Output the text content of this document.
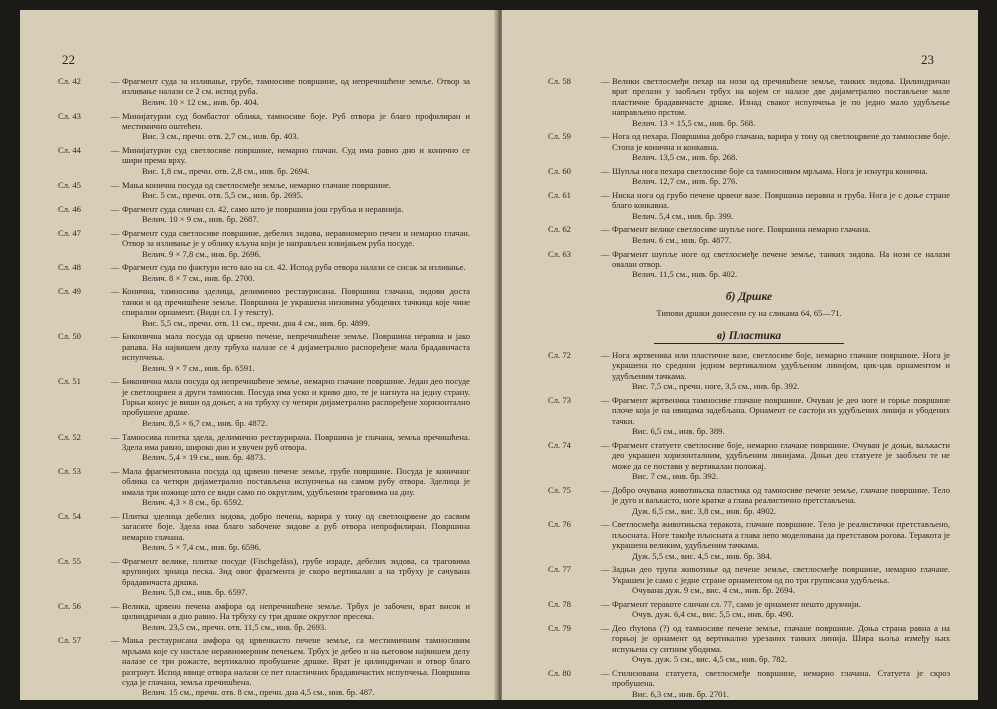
22
Сл. 42	— Фрагмент суда за изливање, грубе, тамносиве површине, од непречишћене земље. Отвор за изливање налази се 2 см. испод руба.
Велич. 10 × 12 см., инв. бр. 404.
Сл. 43	— Минијатурни суд бомбастог облика, тамносиве боје. Руб отвора је благо профилиран и местимично оштећен.
Вис. 3 см., пречн. отв. 2,7 см., инв. бр. 403.
Сл. 44	— Минијатурни суд светлосиве површине, немарно глачан. Суд има равно дно и коничнo се шири према врху.
Вис. 1,8 см., пречн. отв. 2,8 см., инв. бр. 2694.
Сл. 45	— Мања конична посуда од светлосмеђе земље, немарно глачане површине.
Вис. 5 см., пречн. отв. 5,5 см., инв. бр. 2695.
Сл. 46	— Фрагмент суда сличан сл. 42, само што је површина још грубља и неравнија.
Велич. 10 × 9 см., инв. бр. 2687.
Сл. 47	— Фрагмент суда светлосиве површине, дебелих зидова, неравномерно печен и немарно глачан. Отвор за изливање је у облику кљуна који је направљен извијањем руба посуде.
Велич. 9 × 7,8 см., инв. бр. 2696.
Сл. 48	— Фрагмент суда по фактури исто као на сл. 42. Испод руба отвора налази се сисак за изливање.
Велич. 8 × 7 см., инв. бр. 2700.
Сл. 49	— Конична, тамносива зделица, делимично рестаурисана. Површина глачана, зидови доста танки и од пречишћене земље. Површина је украшена низовима убодених тачкица које чине спирални орнамент. (Види сл. I у тексту).
Вис. 5,5 см., пречн. отв. 11 см., пречн. дна 4 см., инв. бр. 4899.
Сл. 50	— Биконична мала посуда од црвено печене, непречишћене земље. Површина неравна и јако рапава. На највишем делу трбуха налазе се 4 дијаметрално распоређене мала брадавичаста испупчења.
Велич. 9 × 7 см., инв. бр. 6591.
Сл. 51	— Биконична мала посуда од непречишћене земље, немарно глачане површине. Један део посуде је светлоцрвен а други тамносив. Посуда има уско и криво дно, те је нагнута на једну страну. Горњи конус је виши од доњег, а на трбуху су четири дијаметрално распоређене хоризонтално пробушене дршке.
Велич. 8,5 × 6,7 см., инв. бр. 4872.
Сл. 52	— Тамносива плитка здела, делимично рестаурирана. Површина је глачана, земља пречишћена. Здела има равно, широко дно и увучен руб отвора.
Велич. 5,4 × 19 см., инв. бр. 4873.
Сл. 53	— Мала фрагментована посуда од црвено печене земље, грубе површине. Посуда је коничног облика са четири дијаметрално постављена испупчења на самом рубу отвора. Зделица је имала три ножице што се види само по округлим, удубљеним траговима на дну.
Велич. 4,3 × 8 см., бр. 6592.
Сл. 54	— Плитка зделица дебелих зидова, добро печена, варира у тону од светлоцрвене до сасвим загасите боје. Здела има благо забочене зидове а руб отвора непрофилиран. Површина немарно глачана.
Велич. 5 × 7,4 см., инв. бр. 6596.
Сл. 55	— Фрагмент велике, плитке посуде (Fischgefäss), грубе израде, дебелих зидова, са траговима крупнијих зрнаца песка. Зид овог фрагмента је скоро вертикалан а на трбуху је сачувана брадавичаста дршка.
Велич. 5,8 см., инв. бр. 6597.
Сл. 56	— Велика, црвено печена амфора од непречишћене земље. Трбух је забочен, врат висок и цилиндричан а дно равно. На трбуху су три дршке округлог пресека.
Велич. 23,5 см., пречн. отв. 11,5 см., инв. бр. 2693.
Сл. 57	— Мања рестаурисана амфора од црвенкасто печене земље, са местимичним тамносивим мрљама које су настале неравномерним печењем. Трбух је дебео и на његовом највишем делу налазе се три рожасте, вертикално пробушене дршке. Врат је цилиндричан и отвор благо разгрнут. Испод ивице отвора налази се пет пластичних брадавичастих испупчења. Површина суда је глачана, земља пречишћена.
Велич. 15 см., пречн. отв. 8 см., пречн. дна 4,5 см., инв. бр. 487.
23
Сл. 58	— Велики светлосмеђи пехар на нози од пречишћене земље, танких зидова. Цилиндричан врат прелази у заобљен трбух на којем се налазе две дијаметрално постављене мале пластичне брадавичасте дршке. Изнад сваког испупчења је по једно мало удубљење направљено прстом.
Велич. 13 × 15,5 см., инв. бр. 568.
Сл. 59	— Нога од пехара. Површина добро глачана, варира у тону од светлоцрвене до тамносиве боје. Стопа је конична и конкавна.
Велич. 13,5 см., инв. бр. 268.
Сл. 60	— Шупља нога пехара светлосиве боје са тамносивим мрљама. Нога је изнутра конична.
Велич. 12,7 см., инв. бр. 276.
Сл. 61	— Ниска нога од грубо печене црвене вазе. Површина неравна и груба. Нога је с доње стране благо конкавна.
Велич. 5,4 см., инв. бр. 399.
Сл. 62	— Фрагмент велике светлосиве шупље ноге. Површина немарно глачана.
Велич. 6 см., инв. бр. 4877.
Сл. 63	— Фрагмент шупље ноге од светлосмеђе печене земље, танких зидова. На нози се налази овалан отвор.
Велич. 11,5 см., инв. бр. 402.
б) Дршке
Типови дршки донесени су на сликама 64, 65—71.
в) Пластика
Сл. 72	— Ногa жртвеника или пластичне вазе, светлосиве боје, немарно глачане површине. Нога је украшена по средини једном вертикалном удубљеном линијом, цик-цак орнаментом и удубљеним тачкама.
Вис. 7,5 см., пречн. ноге, 3,5 см., инв. бр. 392.
Сл. 73	— Фрагмент жртвеника тамносиве глачане површине. Очуван је део ноге и горње површине плоче која је на ивицама задебљана. Орнамент се састоји из удубљених линија и убодених тачки.
Вис. 6,5 см., инв. бр. 389.
Сл. 74	— Фрагмент статуете светлосиве боје, немарно глачане површине. Очуван је доњи, ваљкасти део украшен хоризонталним, удубљеним линијама. Доњи део статуете је заобљен те не може да се постави у вертикалан положај.
Вис. 7 см., инв. бр. 392.
Сл. 75	— Добро очувана животињска пластика од тамносиве печене земље, глачане површине. Тело је дуго и ваљкасто, ноге кратке а глава реалистично претстављена.
Дуж. 6,5 см., вис. 3,8 см., инв. бр. 4902.
Сл. 76	— Светлосмеђа животињска теракота, глачане површине. Тело је реалистички претстављено, пљосната. Ноге такође пљосната а глава лепо моделована да претставом рогова. Теракота је украшена великим, удубљеним тачкама.
Дуж. 5,5 см., вис. 4,5 см., инв. бр. 384.
Сл. 77	— Задњи део трупа животиње од печене земље, светлосмеђе површине, немарно глачане. Украшен је само с једне стране орнаментом од по три груписана удубљења.
Очувана дуж. 9 см., вис. 4 см., инв. бр. 2694.
Сл. 78	— Фрагмент теракоте сличан сл. 77, само је орнамент нешто друкчији.
Очув. дуж. 6,4 см., вис. 5,5 см., инв. бр. 490.
Сл. 79	— Део rhytona (?) од тамносиве печене земље, глачане површине. Доња страна равна а на горњој је орнамент од вертикално урезаних танких линија. Шира њоља између њих испуњена су ситним убодима.
Очув. дуж. 5 см., вис. 4,5 см., инв. бр. 782.
Сл. 80	— Стилизована статуета, светлосмеђе површине, немарно глачана. Статуета је скроз пробушена.
Вис. 6,3 см., инв. бр. 2701.
